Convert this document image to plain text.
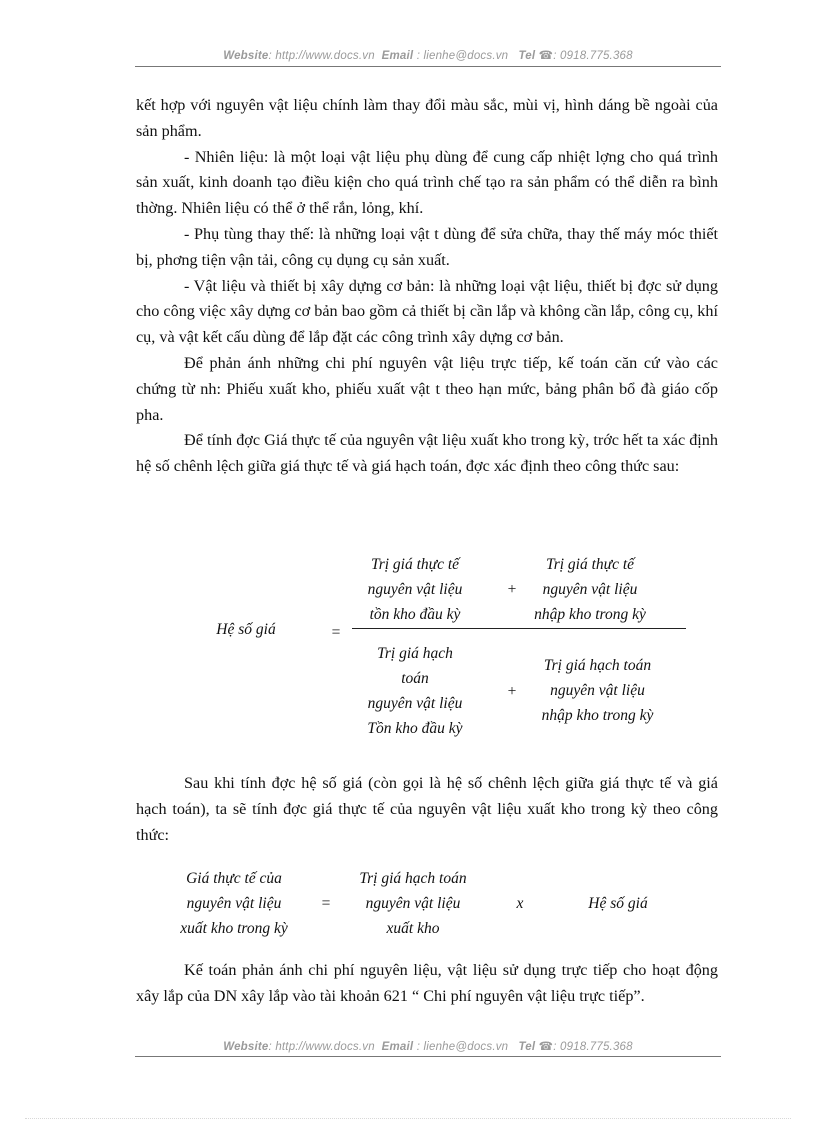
Website: http://www.docs.vn Email : lienhe@docs.vn Tel ☎: 0918.775.368

kết hợp với nguyên vật liệu chính làm thay đổi màu sắc, mùi vị, hình dáng bề ngoài của sản phẩm.

- Nhiên liệu: là một loại vật liệu phụ dùng để cung cấp nhiệt lợng cho quá trình sản xuất, kinh doanh tạo điều kiện cho quá trình chế tạo ra sản phẩm có thể diễn ra bình thờng. Nhiên liệu có thể ở thể rắn, lỏng, khí.

- Phụ tùng thay thế: là những loại vật t dùng để sửa chữa, thay thế máy móc thiết bị, phơng tiện vận tải, công cụ dụng cụ sản xuất.

- Vật liệu và thiết bị xây dựng cơ bản: là những loại vật liệu, thiết bị đợc sử dụng cho công việc xây dựng cơ bản bao gồm cả thiết bị cần lắp và không cần lắp, công cụ, khí cụ, và vật kết cấu dùng để lắp đặt các công trình xây dựng cơ bản.

Để phản ánh những chi phí nguyên vật liệu trực tiếp, kế toán căn cứ vào các chứng từ nh: Phiếu xuất kho, phiếu xuất vật t theo hạn mức, bảng phân bổ đà giáo cốp pha.

Để tính đợc Giá thực tế của nguyên vật liệu xuất kho trong kỳ, trớc hết ta xác định hệ số chênh lệch giữa giá thực tế và giá hạch toán, đợc xác định theo công thức sau:

Hệ số giá	=
Trị giá thực tế
nguyên vật liệu
tồn kho đầu kỳ
+
Trị giá thực tế
nguyên vật liệu
nhập kho trong kỳ
Trị giá hạch
toán
nguyên vật liệu
Tồn kho đầu kỳ
+
Trị giá hạch toán
nguyên vật liệu
nhập kho trong kỳ

Sau khi tính đợc hệ số giá (còn gọi là hệ số chênh lệch giữa giá thực tế và giá hạch toán), ta sẽ tính đợc giá thực tế của nguyên vật liệu xuất kho trong kỳ theo công thức:

Giá thực tế của
nguyên vật liệu
xuất kho trong kỳ
=
Trị giá hạch toán
nguyên vật liệu
xuất kho
x	Hệ số giá

Kế toán phản ánh chi phí nguyên liệu, vật liệu sử dụng trực tiếp cho hoạt động xây lắp của DN xây lắp vào tài khoản 621 “ Chi phí nguyên vật liệu trực tiếp”.

Website: http://www.docs.vn Email : lienhe@docs.vn Tel ☎: 0918.775.368
